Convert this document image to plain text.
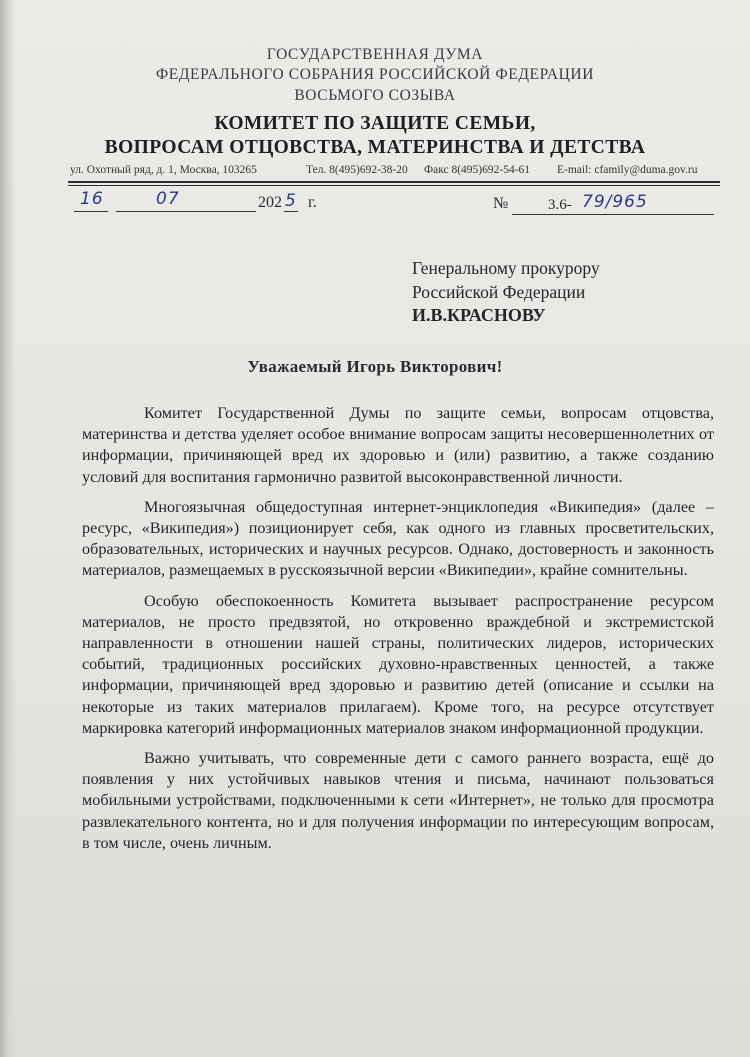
ГОСУДАРСТВЕННАЯ ДУМА
ФЕДЕРАЛЬНОГО СОБРАНИЯ РОССИЙСКОЙ ФЕДЕРАЦИИ
ВОСЬМОГО СОЗЫВА
КОМИТЕТ ПО ЗАЩИТЕ СЕМЬИ,
ВОПРОСАМ ОТЦОВСТВА, МАТЕРИНСТВА И ДЕТСТВА
ул. Охотный ряд, д. 1, Москва, 103265	Тел. 8(495)692-38-20 Факс 8(495)692-54-61 E-mail: cfamily@duma.gov.ru
16	07	202 5 г.	№	3.6- 79/965
Генеральному прокурору
Российской Федерации
И.В.КРАСНОВУ
Уважаемый Игорь Викторович!

Комитет Государственной Думы по защите семьи, вопросам отцовства, материнства и детства уделяет особое внимание вопросам защиты несовершеннолетних от информации, причиняющей вред их здоровью и (или) развитию, а также созданию условий для воспитания гармонично развитой высоконравственной личности.

Многоязычная общедоступная интернет-энциклопедия «Википедия» (далее – ресурс, «Википедия») позиционирует себя, как одного из главных просветительских, образовательных, исторических и научных ресурсов. Однако, достоверность и законность материалов, размещаемых в русскоязычной версии «Википедии», крайне сомнительны.

Особую обеспокоенность Комитета вызывает распространение ресурсом материалов, не просто предвзятой, но откровенно враждебной и экстремистской направленности в отношении нашей страны, политических лидеров, исторических событий, традиционных российских духовно-нравственных ценностей, а также информации, причиняющей вред здоровью и развитию детей (описание и ссылки на некоторые из таких материалов прилагаем). Кроме того, на ресурсе отсутствует маркировка категорий информационных материалов знаком информационной продукции.

Важно учитывать, что современные дети с самого раннего возраста, ещё до появления у них устойчивых навыков чтения и письма, начинают пользоваться мобильными устройствами, подключенными к сети «Интернет», не только для просмотра развлекательного контента, но и для получения информации по интересующим вопросам, в том числе, очень личным.
